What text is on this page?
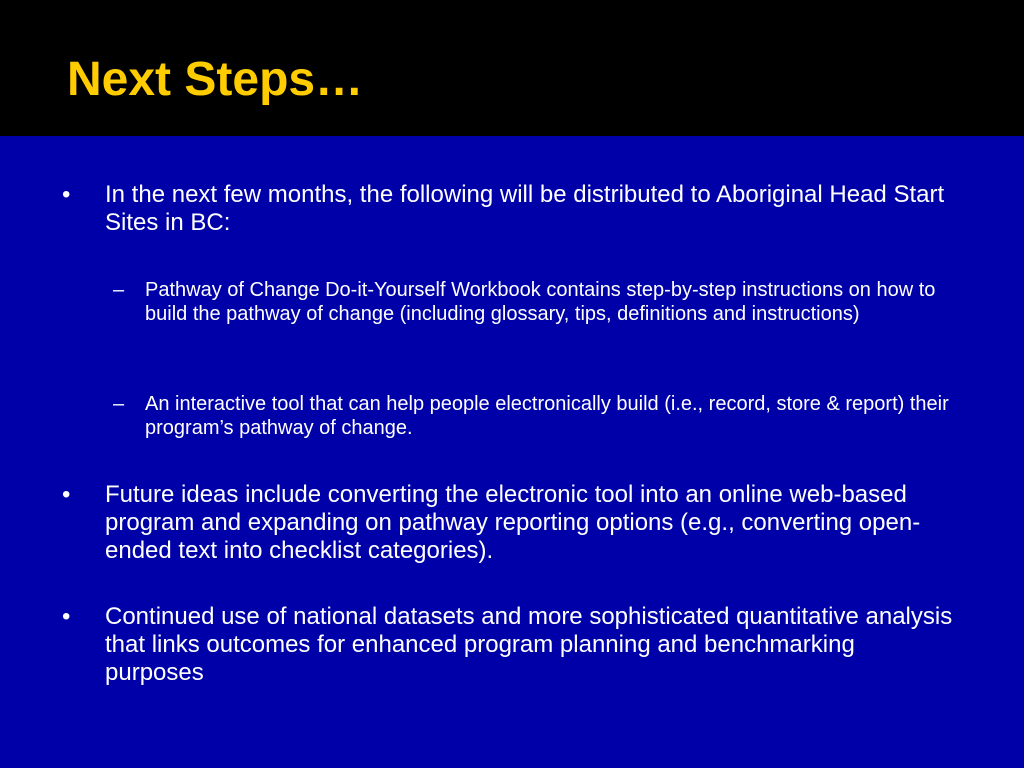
Next Steps…
•	In the next few months, the following will be distributed to Aboriginal Head Start Sites in BC:
–	Pathway of Change Do-it-Yourself Workbook contains step-by-step instructions on how to build the pathway of change (including glossary, tips, definitions and instructions)
–	An interactive tool that can help people electronically build (i.e., record, store & report) their program’s pathway of change.
•	Future ideas include converting the electronic tool into an online web-based program and expanding on pathway reporting options (e.g., converting open-ended text into checklist categories).
•	Continued use of national datasets and more sophisticated quantitative analysis that links outcomes for enhanced program planning and benchmarking purposes
